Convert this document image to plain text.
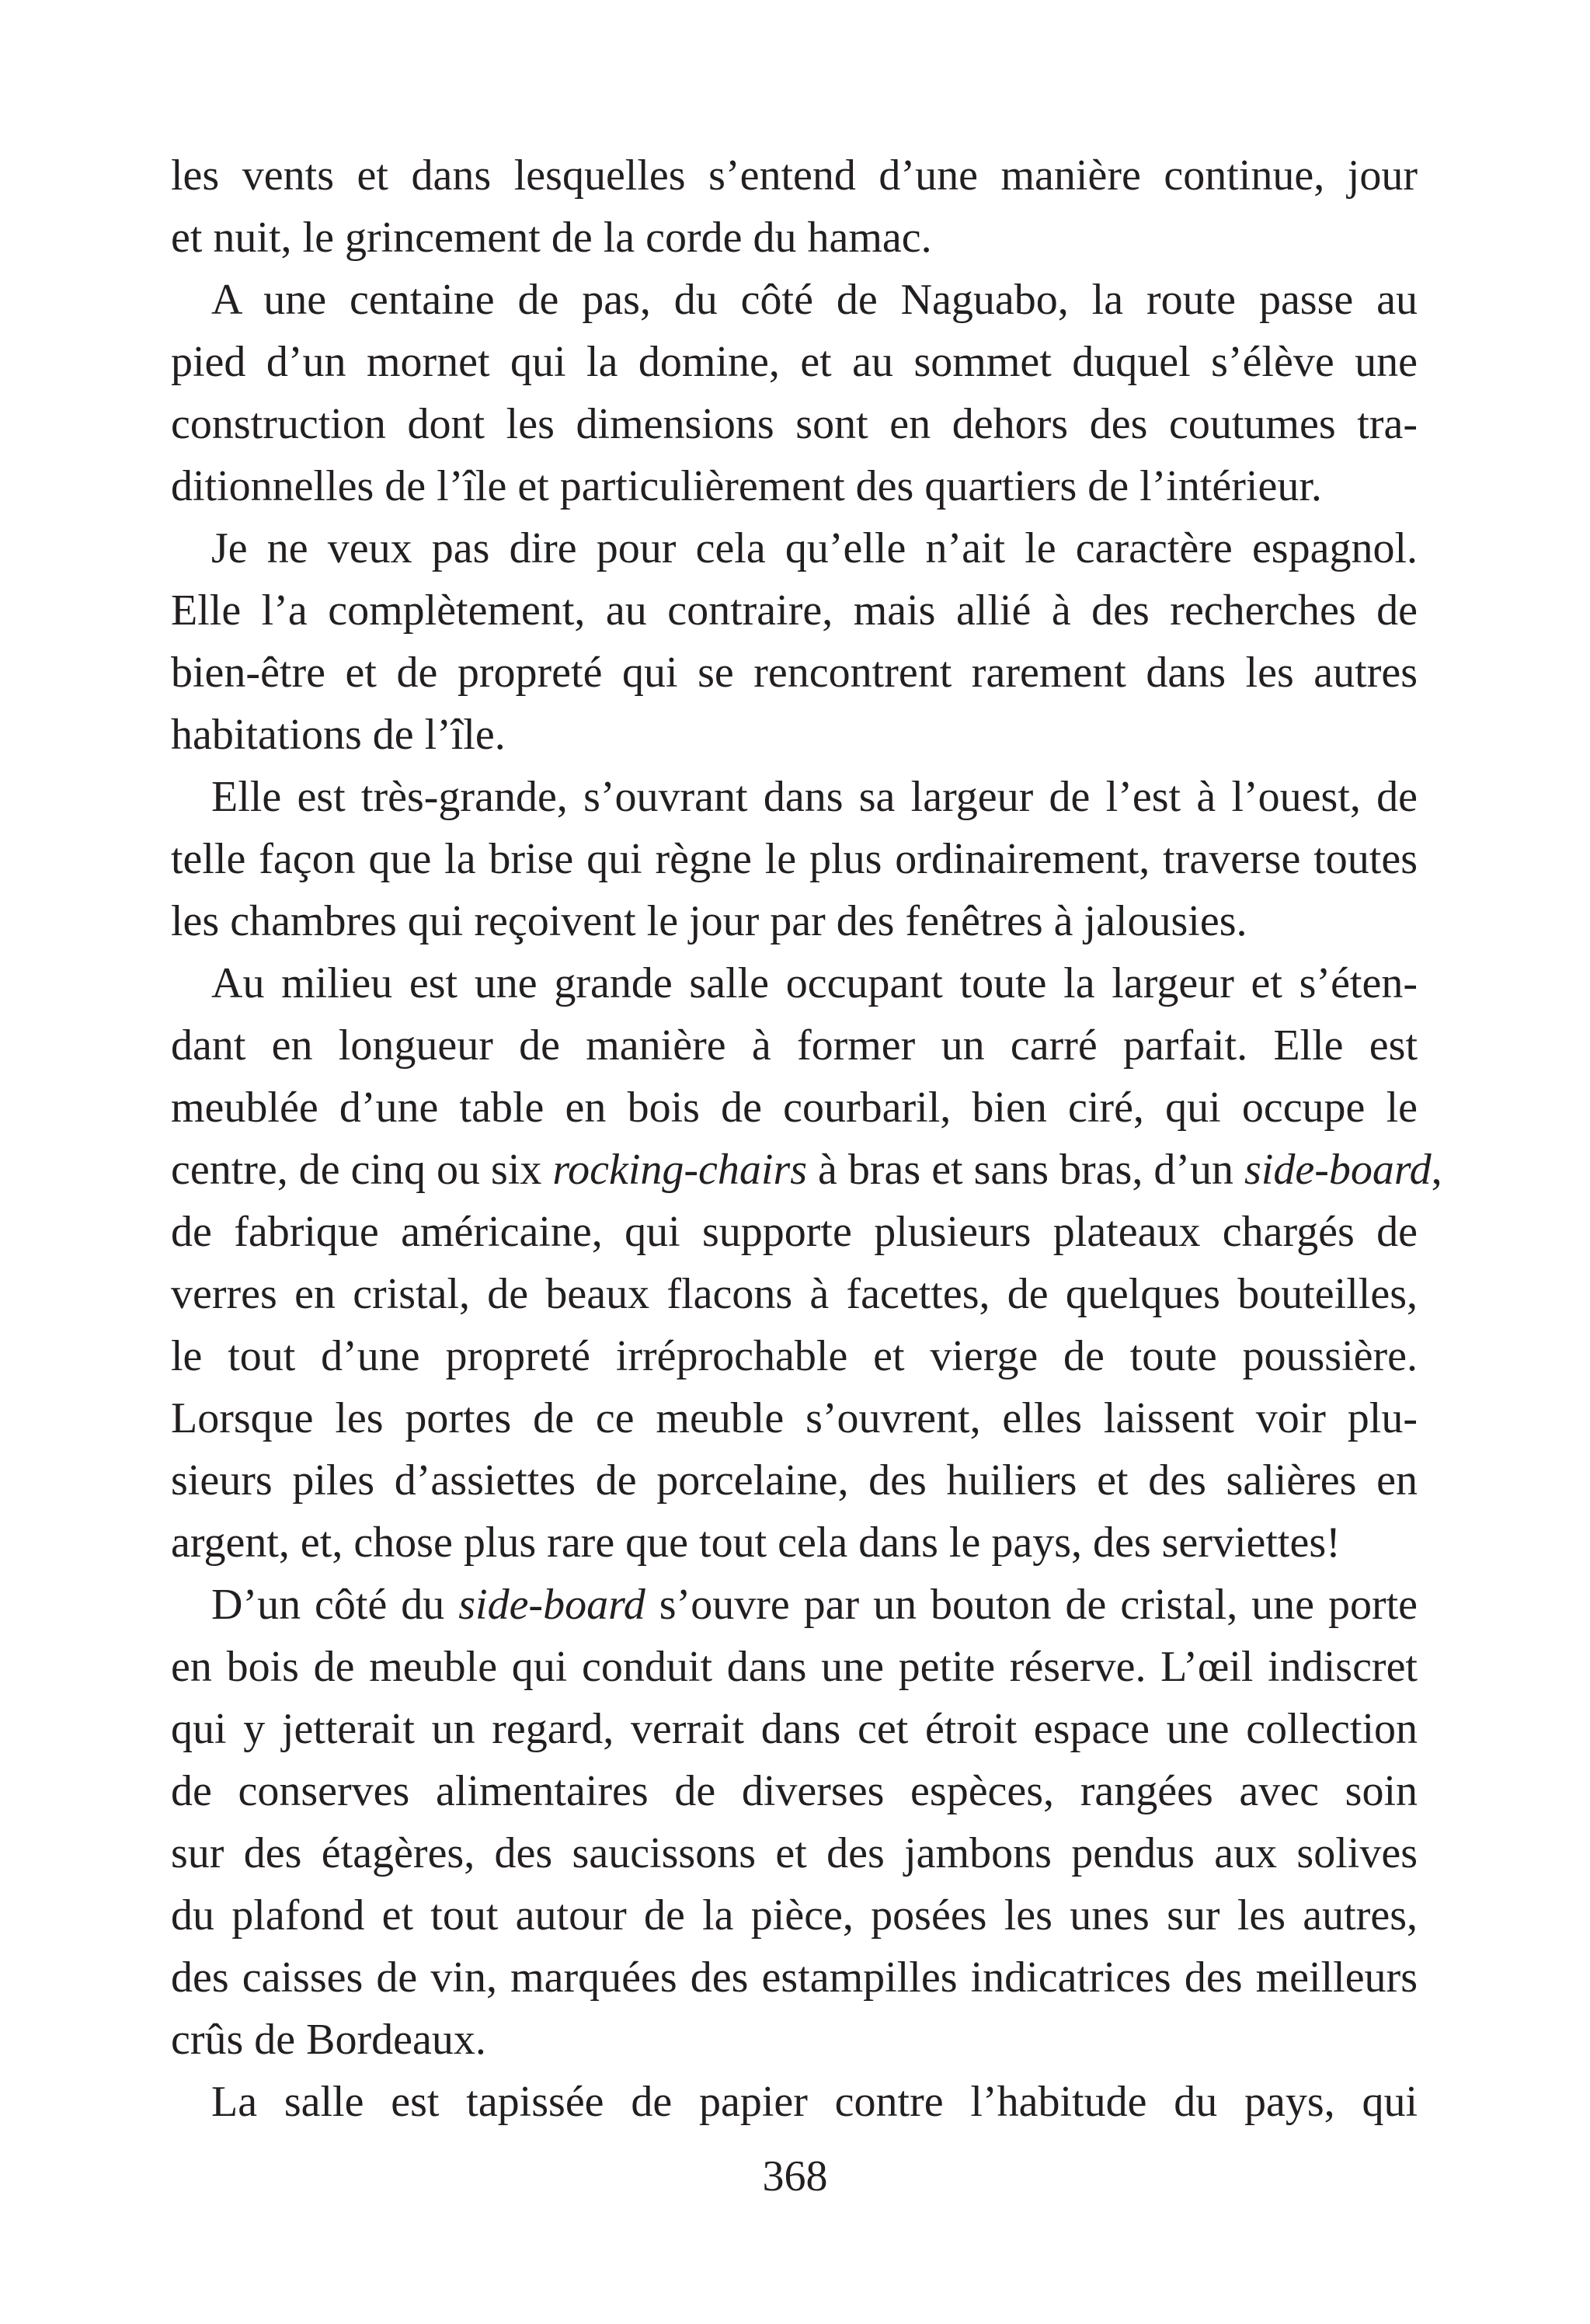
les vents et dans lesquelles s’entend d’une manière continue, jour
et nuit, le grincement de la corde du hamac.
A une centaine de pas, du côté de Naguabo, la route passe au
pied d’un mornet qui la domine, et au sommet duquel s’élève une
construction dont les dimensions sont en dehors des coutumes tra-
ditionnelles de l’île et particulièrement des quartiers de l’intérieur.
Je ne veux pas dire pour cela qu’elle n’ait le caractère espagnol.
Elle l’a complètement, au contraire, mais allié à des recherches de
bien-être et de propreté qui se rencontrent rarement dans les autres
habitations de l’île.
Elle est très-grande, s’ouvrant dans sa largeur de l’est à l’ouest, de
telle façon que la brise qui règne le plus ordinairement, traverse toutes
les chambres qui reçoivent le jour par des fenêtres à jalousies.
Au milieu est une grande salle occupant toute la largeur et s’éten-
dant en longueur de manière à former un carré parfait. Elle est
meublée d’une table en bois de courbaril, bien ciré, qui occupe le
centre, de cinq ou six rocking-chairs à bras et sans bras, d’un side-board,
de fabrique américaine, qui supporte plusieurs plateaux chargés de
verres en cristal, de beaux flacons à facettes, de quelques bouteilles,
le tout d’une propreté irréprochable et vierge de toute poussière.
Lorsque les portes de ce meuble s’ouvrent, elles laissent voir plu-
sieurs piles d’assiettes de porcelaine, des huiliers et des salières en
argent, et, chose plus rare que tout cela dans le pays, des serviettes!
D’un côté du side-board s’ouvre par un bouton de cristal, une porte
en bois de meuble qui conduit dans une petite réserve. L’œil indiscret
qui y jetterait un regard, verrait dans cet étroit espace une collection
de conserves alimentaires de diverses espèces, rangées avec soin
sur des étagères, des saucissons et des jambons pendus aux solives
du plafond et tout autour de la pièce, posées les unes sur les autres,
des caisses de vin, marquées des estampilles indicatrices des meilleurs
crûs de Bordeaux.
La salle est tapissée de papier contre l’habitude du pays, qui
368
